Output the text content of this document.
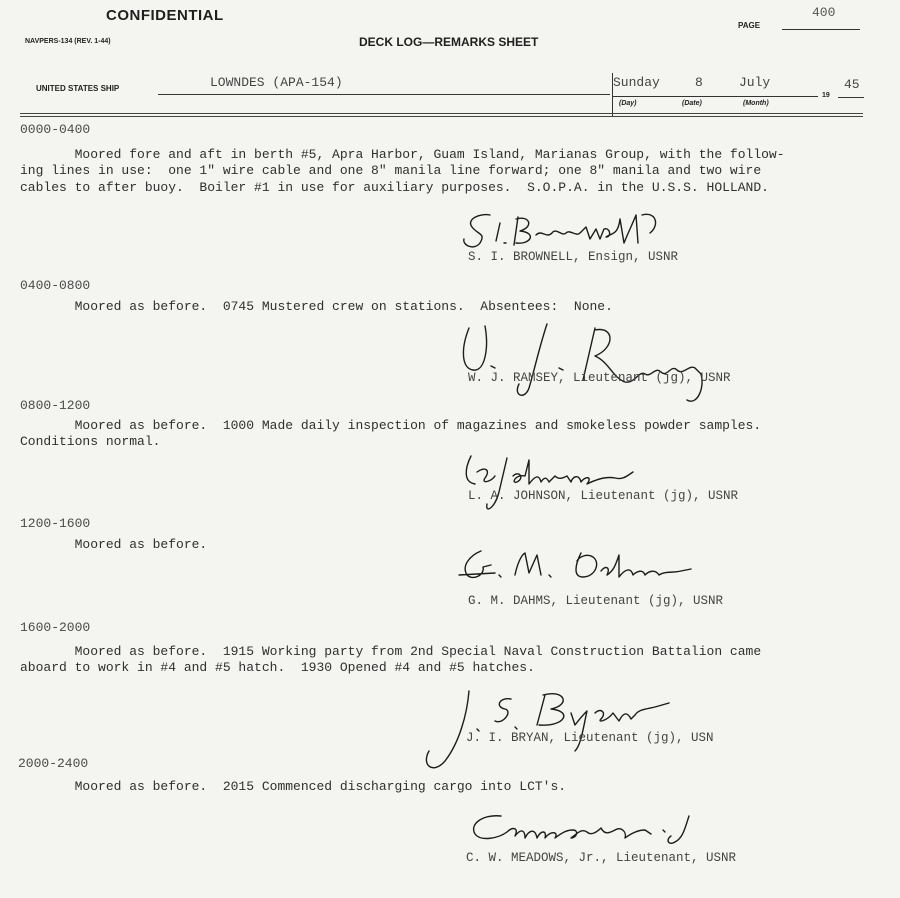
CONFIDENTIAL
NAVPERS-134 (REV. 1-44)	DECK LOG—REMARKS SHEET
PAGE
400
UNITED STATES SHIP	LOWNDES (APA-154)	Sunday	8	July
(Day)	(Date)	(Month)
19
45
0000-0400
Moored fore and aft in berth #5, Apra Harbor, Guam Island, Marianas Group, with the follow-
ing lines in use:  one 1" wire cable and one 8" manila line forward; one 8" manila and two wire
cables to after buoy.  Boiler #1 in use for auxiliary purposes.  S.O.P.A. in the U.S.S. HOLLAND.
S. I. BROWNELL, Ensign, USNR
0400-0800
Moored as before.  0745 Mustered crew on stations.  Absentees:  None.
W. J. RAMSEY, Lieutenant (jg), USNR
0800-1200
Moored as before.  1000 Made daily inspection of magazines and smokeless powder samples.
Conditions normal.
L. A. JOHNSON, Lieutenant (jg), USNR
1200-1600
Moored as before.
G. M. DAHMS, Lieutenant (jg), USNR
1600-2000
Moored as before.  1915 Working party from 2nd Special Naval Construction Battalion came
aboard to work in #4 and #5 hatch.  1930 Opened #4 and #5 hatches.
J. I. BRYAN, Lieutenant (jg), USN
2000-2400
Moored as before.  2015 Commenced discharging cargo into LCT's.
C. W. MEADOWS, Jr., Lieutenant, USNR
